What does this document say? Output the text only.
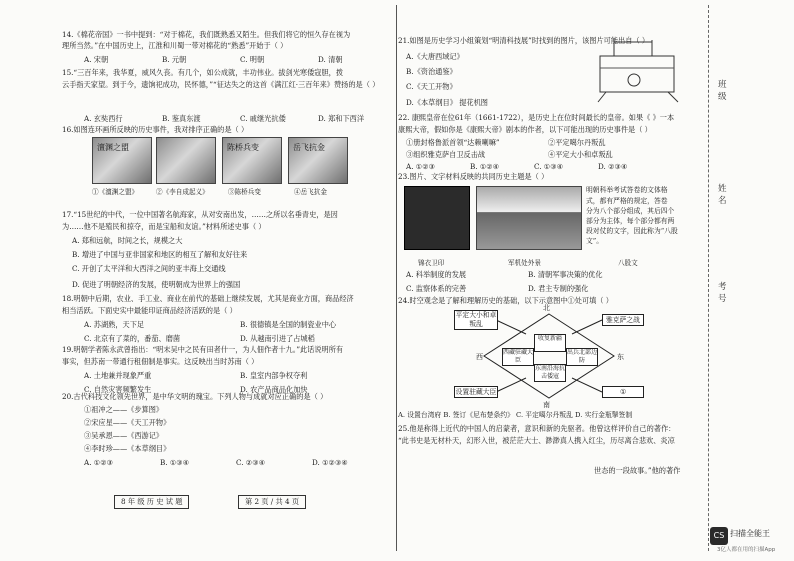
14.《棉花帝国》一书中提到：“对于棉花，我们既熟悉又陌生。但我们将它的恒久存在视为
理所当然。”在中国历史上，江淮和川蜀一带对棉花的“熟悉”开始于（ ）
A. 宋朝	B. 元朝	C. 明朝	D. 清朝
15.“三百年来，我华夏，威风久丧。有几个，如公成就，丰功伟业。拔剑光寒倭寇胆，拨
云手指天家望。到于今，遗饷祀成功，民怀德，”“征达失之的这首《满江红·三百年来》赞扬的是（ ）
A. 玄奘西行	B. 鉴真东渡	C. 戚继光抗倭	D. 郑和下西洋
16.如图连环画所反映的历史事件，我对排序正确的是（ ）
澶渊之盟	陈桥兵变	岳飞抗金
①《澶渊之盟》	②《李自成起义》	③陈桥兵变	④岳飞抗金
17.“15世纪的中代，一位中国著名航海家，从对安南出发，……之所以名垂青史，是因
为……他不是殖民和掠夺，而是宝船和友谊。”材料所述史事（ ）
A. 郑和远航，时间之长，规模之大
B. 增进了中国与亚非国家和地区的相互了解和友好往来
C. 开创了太平洋和大西洋之间的亚丰海上交通线
D. 促进了明朝经济的发展，使明朝成为世界上的强国
18.明朝中后期，农业、手工业、商业在前代的基础上继续发展，尤其是商业方面，商品经济
相当活跃。下面史实中最能印证商品经济活跃的是（ ）
A. 苏湖熟，天下足	B. 很德镇是全国的制瓷业中心
C. 北京有了菜的，番茄、磨菌	D. 从越南引进了占城稻
19.明朝学者陈永武曾指出：“明末吴中之民有田者什一，为人佃作者十九。”此话说明所有
事实，但苏南一带通行租佃制是事实。这反映出当时苏南（ ）
A. 土地兼并现象严重	B. 皇室内部争权夺利
C. 自然灾害频繁发生	D. 农产品商品化加快
20.古代科技文化领先世界，是中华文明的瑰宝。下列人物与成就对应正确的是（ ）
①祖冲之——《步算图》
②宋应星——《天工开物》
③吴承恩——《西游记》
④李时珍——《本草纲目》
A. ①②③	B. ①③④	C. ②③④	D. ①②③④
8 年 级 历 史 试 题	第 2 页 / 共 4 页
21.如图是历史学习小组策划“明清科技展”时找到的图片，该图片可能出自（ ）
A.《大唐西域记》
B.《资治通鉴》
C.《天工开物》
D.《本草纲目》 提花机图
22. 康熙皇帝在位61年（1661-1722），是历史上在位时间最长的皇帝。如果《 》一本
康熙大帝，假如你是《康熙大帝》剧本的作者，以下可能出现的历史事件是（ ）
①册封格鲁派首领“达赖喇嘛”	②平定噶尔丹叛乱
③组织雅克萨自卫反击战	④平定大小和卓叛乱
A. ①②③	B. ①②④	C. ①③④	D. ②③④
23.图片、文字材料反映的共同历史主题是（ ）
明朝科举考试答卷的文体格
式，都有严格的规定，答卷
分为八个部分组成，其后四个
部分为主体，每个部分都有两
段对仗的文字，因此称为“八股
文”。
锦衣卫印	军机处外景	八股文
A. 科举制度的发展	B. 清朝军事决策的优化
C. 监察体系的完善	D. 君主专制的强化
24.时空观念是了解和理解历史的基础，以下示意图中①处可填（ ）
北
南
西	东
平定大小和卓叛乱	雅克萨之战
设置驻藏大臣	①
收复新疆
西藏驻藏大臣
出兵北部边防
东南沿海抗击倭寇
A. 设置台湾府 B. 签订《尼布楚条约》 C. 平定噶尔丹叛乱 D. 实行金瓶掣签制
25.他是称得上近代的中国人的启蒙者，意识和新的先驱者。他曾这样评价自己的著作：
“此书史是无材朴天，幻形入世，被茫茫大士、渺渺真人携入红尘，历尽离合悲欢、炎凉
世态的一段故事。”他的著作
班
级
姓
名
考
号
CS 扫描全能王
3亿人都在用的扫描App
